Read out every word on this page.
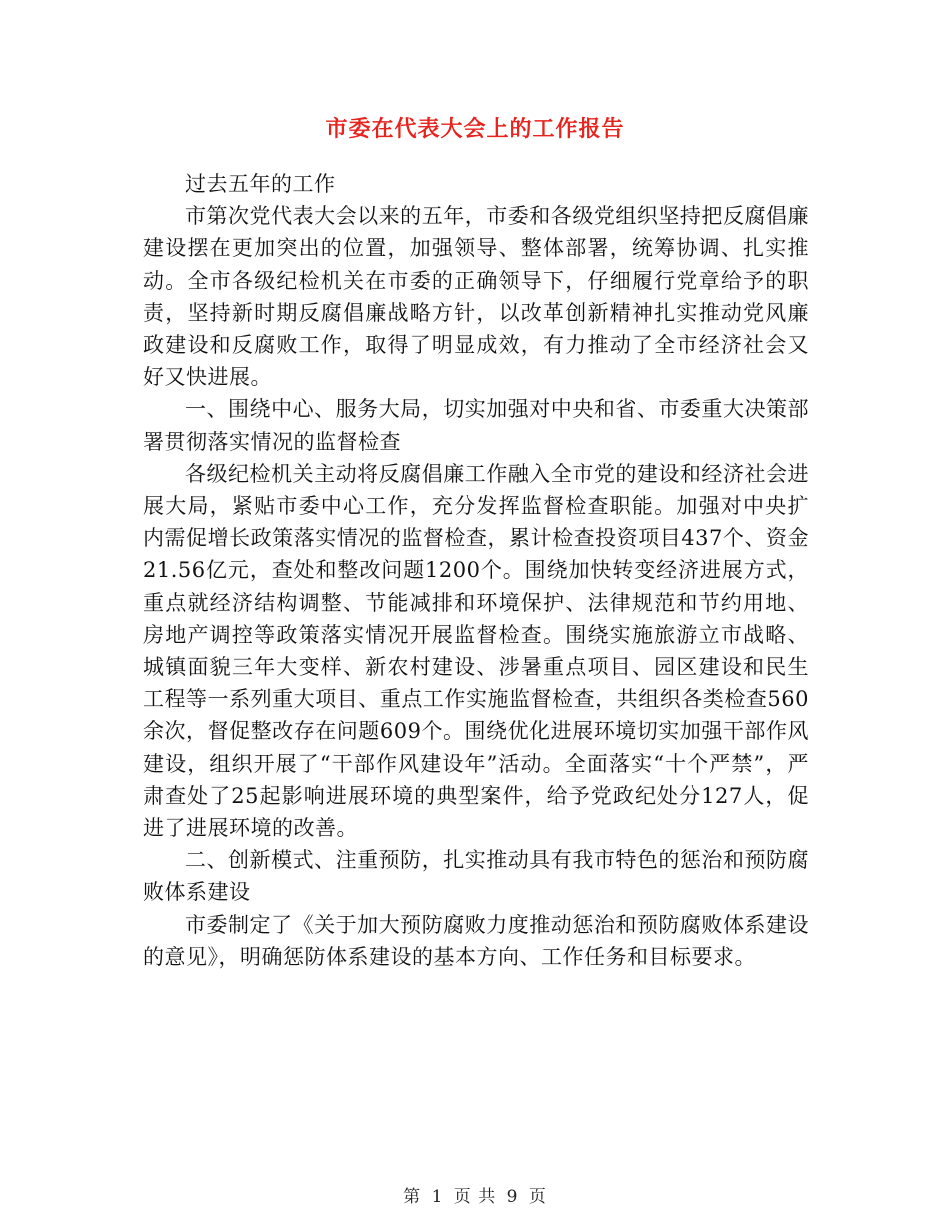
市委在代表大会上的工作报告

过去五年的工作

市第次党代表大会以来的五年，市委和各级党组织坚持把反腐倡廉建设摆在更加突出的位置，加强领导、整体部署，统筹协调、扎实推动。全市各级纪检机关在市委的正确领导下，仔细履行党章给予的职责，坚持新时期反腐倡廉战略方针，以改革创新精神扎实推动党风廉政建设和反腐败工作，取得了明显成效，有力推动了全市经济社会又好又快进展。

一、围绕中心、服务大局，切实加强对中央和省、市委重大决策部署贯彻落实情况的监督检查

各级纪检机关主动将反腐倡廉工作融入全市党的建设和经济社会进展大局，紧贴市委中心工作，充分发挥监督检查职能。加强对中央扩内需促增长政策落实情况的监督检查，累计检查投资项目437个、资金21.56亿元，查处和整改问题1200个。围绕加快转变经济进展方式，重点就经济结构调整、节能减排和环境保护、法律规范和节约用地、房地产调控等政策落实情况开展监督检查。围绕实施旅游立市战略、城镇面貌三年大变样、新农村建设、涉暑重点项目、园区建设和民生工程等一系列重大项目、重点工作实施监督检查，共组织各类检查560余次，督促整改存在问题609个。围绕优化进展环境切实加强干部作风建设，组织开展了“干部作风建设年”活动。全面落实“十个严禁”，严肃查处了25起影响进展环境的典型案件，给予党政纪处分127人，促进了进展环境的改善。

二、创新模式、注重预防，扎实推动具有我市特色的惩治和预防腐败体系建设

市委制定了《关于加大预防腐败力度推动惩治和预防腐败体系建设的意见》，明确惩防体系建设的基本方向、工作任务和目标要求。

第 1 页 共 9 页
